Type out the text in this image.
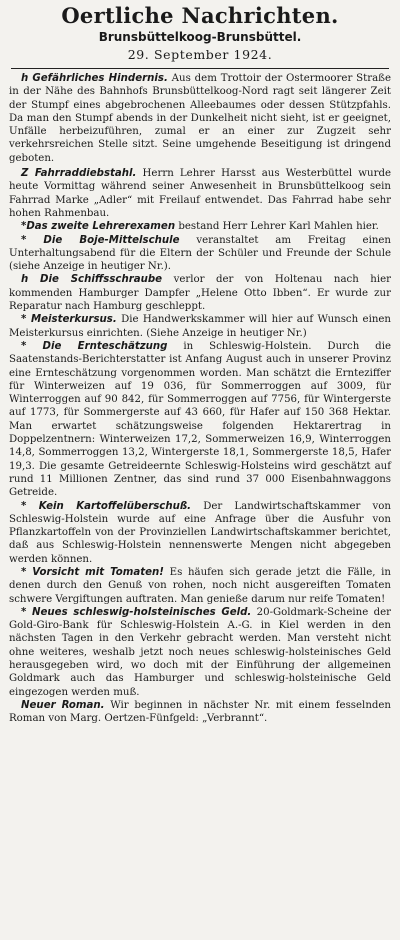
Oertliche Nachrichten.
Brunsbüttelkoog-Brunsbüttel.
29. September 1924.

h Gefährliches Hindernis. Aus dem Trottoir der Ostermoorer Straße in der Nähe des Bahnhofs Brunsbüttelkoog-Nord ragt seit längerer Zeit der Stumpf eines abgebrochenen Alleebaumes oder dessen Stützpfahls. Da man den Stumpf abends in der Dunkelheit nicht sieht, ist er geeignet, Unfälle herbeizuführen, zumal er an einer zur Zugzeit sehr verkehrsreichen Stelle sitzt. Seine umgehende Beseitigung ist dringend geboten.

Z Fahrraddiebstahl. Herrn Lehrer Harsst aus Westerbüttel wurde heute Vormittag während seiner Anwesenheit in Brunsbüttelkoog sein Fahrrad Marke „Adler“ mit Freilauf entwendet. Das Fahrrad habe sehr hohen Rahmenbau.

*Das zweite Lehrerexamen bestand Herr Lehrer Karl Mahlen hier.

* Die Boje-Mittelschule veranstaltet am Freitag einen Unterhaltungsabend für die Eltern der Schüler und Freunde der Schule (siehe Anzeige in heutiger Nr.).

h Die Schiffsschraube verlor der von Holtenau nach hier kommenden Hamburger Dampfer „Helene Otto Ibben“. Er wurde zur Reparatur nach Hamburg geschleppt.

* Meisterkursus. Die Handwerkskammer will hier auf Wunsch einen Meisterkursus einrichten. (Siehe Anzeige in heutiger Nr.)

* Die Ernteschätzung in Schleswig-Holstein. Durch die Saatenstands-Berichterstatter ist Anfang August auch in unserer Provinz eine Ernteschätzung vorgenommen worden. Man schätzt die Ernteziffer für Winterweizen auf 19 036, für Sommerroggen auf 3009, für Winterroggen auf 90 842, für Sommerroggen auf 7756, für Wintergerste auf 1773, für Sommergerste auf 43 660, für Hafer auf 150 368 Hektar. Man erwartet schätzungsweise folgenden Hektarertrag in Doppelzentnern: Winterweizen 17,2, Sommerweizen 16,9, Winterroggen 14,8, Sommerroggen 13,2, Wintergerste 18,1, Sommergerste 18,5, Hafer 19,3. Die gesamte Getreideernte Schleswig-Holsteins wird geschätzt auf rund 11 Millionen Zentner, das sind rund 37 000 Eisenbahnwaggons Getreide.

* Kein Kartoffelüberschuß. Der Landwirtschaftskammer von Schleswig-Holstein wurde auf eine Anfrage über die Ausfuhr von Pflanzkartoffeln von der Provinziellen Landwirtschaftskammer berichtet, daß aus Schleswig-Holstein nennenswerte Mengen nicht abgegeben werden können.

* Vorsicht mit Tomaten! Es häufen sich gerade jetzt die Fälle, in denen durch den Genuß von rohen, noch nicht ausgereiften Tomaten schwere Vergiftungen auftraten. Man genieße darum nur reife Tomaten!

* Neues schleswig-holsteinisches Geld. 20-Goldmark-Scheine der Gold-Giro-Bank für Schleswig-Holstein A.-G. in Kiel werden in den nächsten Tagen in den Verkehr gebracht werden. Man versteht nicht ohne weiteres, weshalb jetzt noch neues schleswig-holsteinisches Geld herausgegeben wird, wo doch mit der Einführung der allgemeinen Goldmark auch das Hamburger und schleswig-holsteinische Geld eingezogen werden muß.

Neuer Roman. Wir beginnen in nächster Nr. mit einem fesselnden Roman von Marg. Oertzen-Fünfgeld: „Verbrannt“.
